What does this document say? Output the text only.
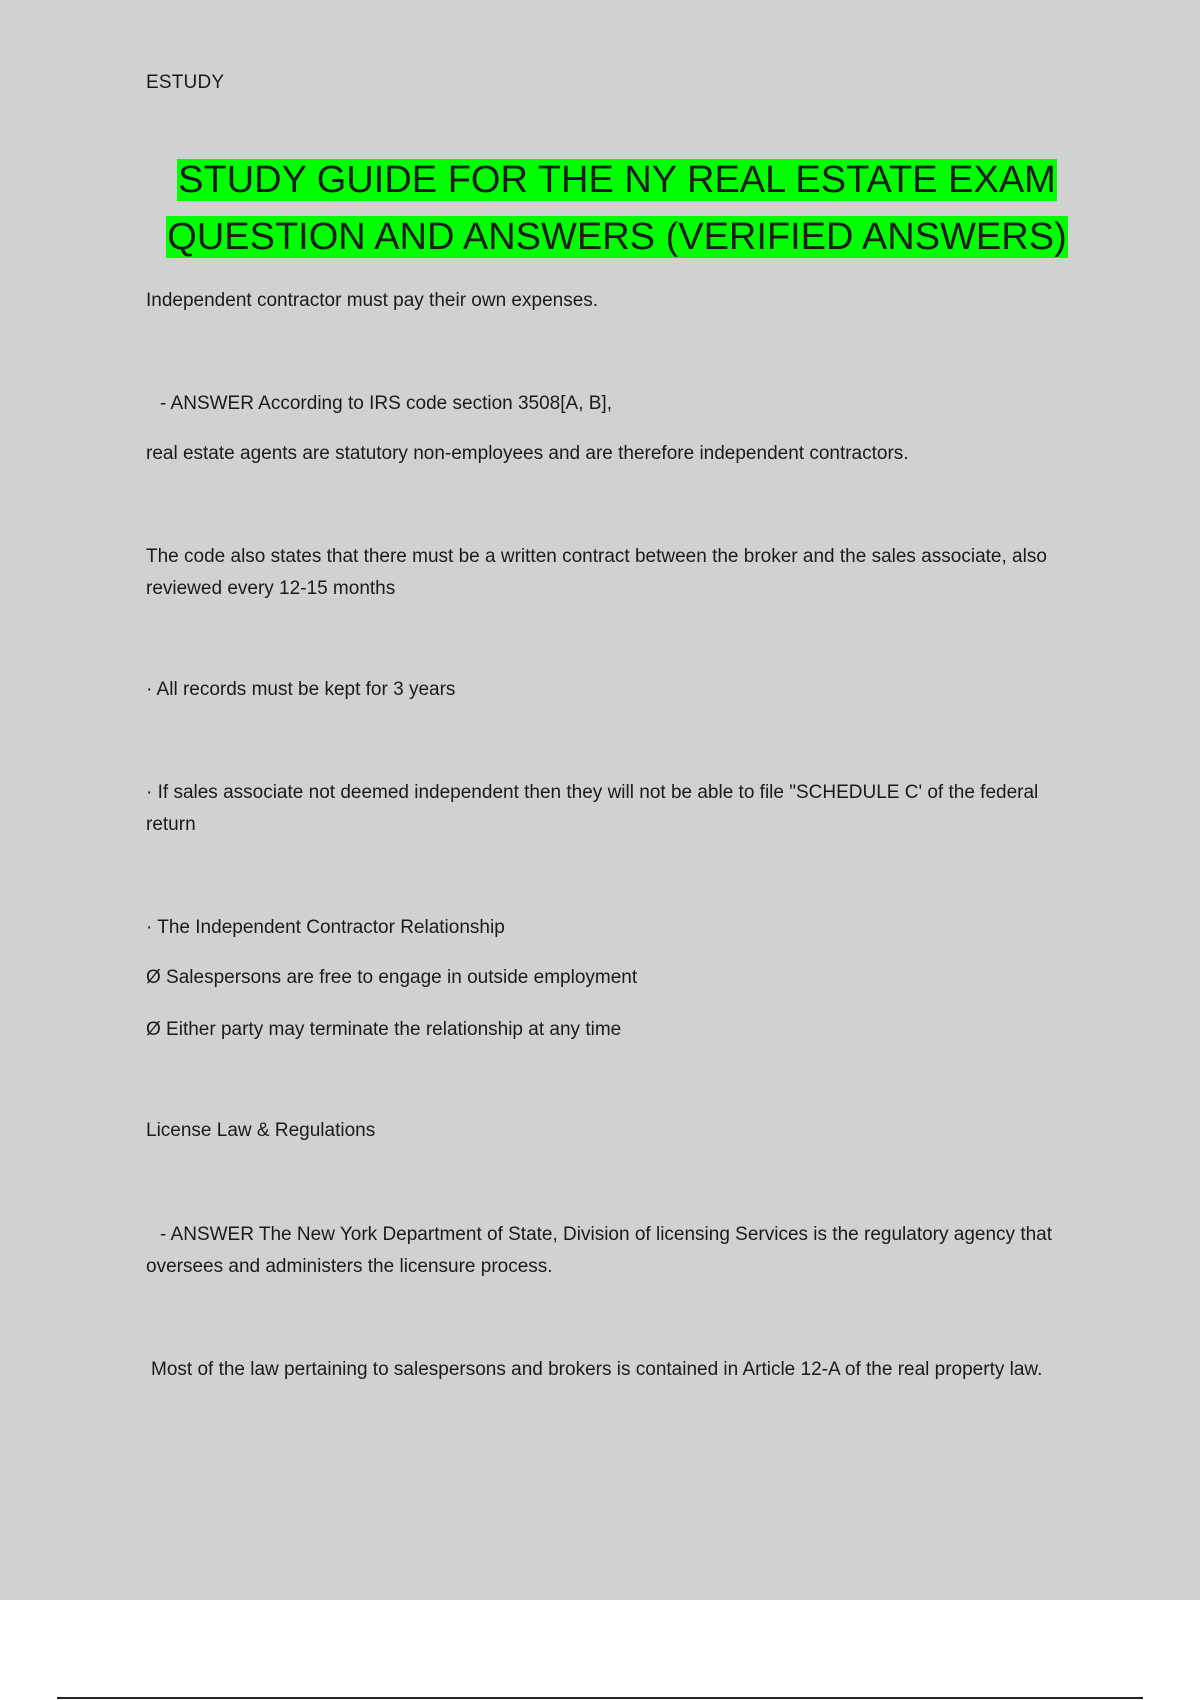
ESTUDY
STUDY GUIDE FOR THE NY REAL ESTATE EXAM QUESTION AND ANSWERS (VERIFIED ANSWERS)
Independent contractor must pay their own expenses.
- ANSWER According to IRS code section 3508[A, B],
real estate agents are statutory non-employees and are therefore independent contractors.
The code also states that there must be a written contract between the broker and the sales associate, also reviewed every 12-15 months
· All records must be kept for 3 years
· If sales associate not deemed independent then they will not be able to file "SCHEDULE C' of the federal return
· The Independent Contractor Relationship
Ø Salespersons are free to engage in outside employment
Ø Either party may terminate the relationship at any time
License Law & Regulations
- ANSWER The New York Department of State, Division of licensing Services is the regulatory agency that oversees and administers the licensure process.
Most of the law pertaining to salespersons and brokers is contained in Article 12-A of the real property law.
